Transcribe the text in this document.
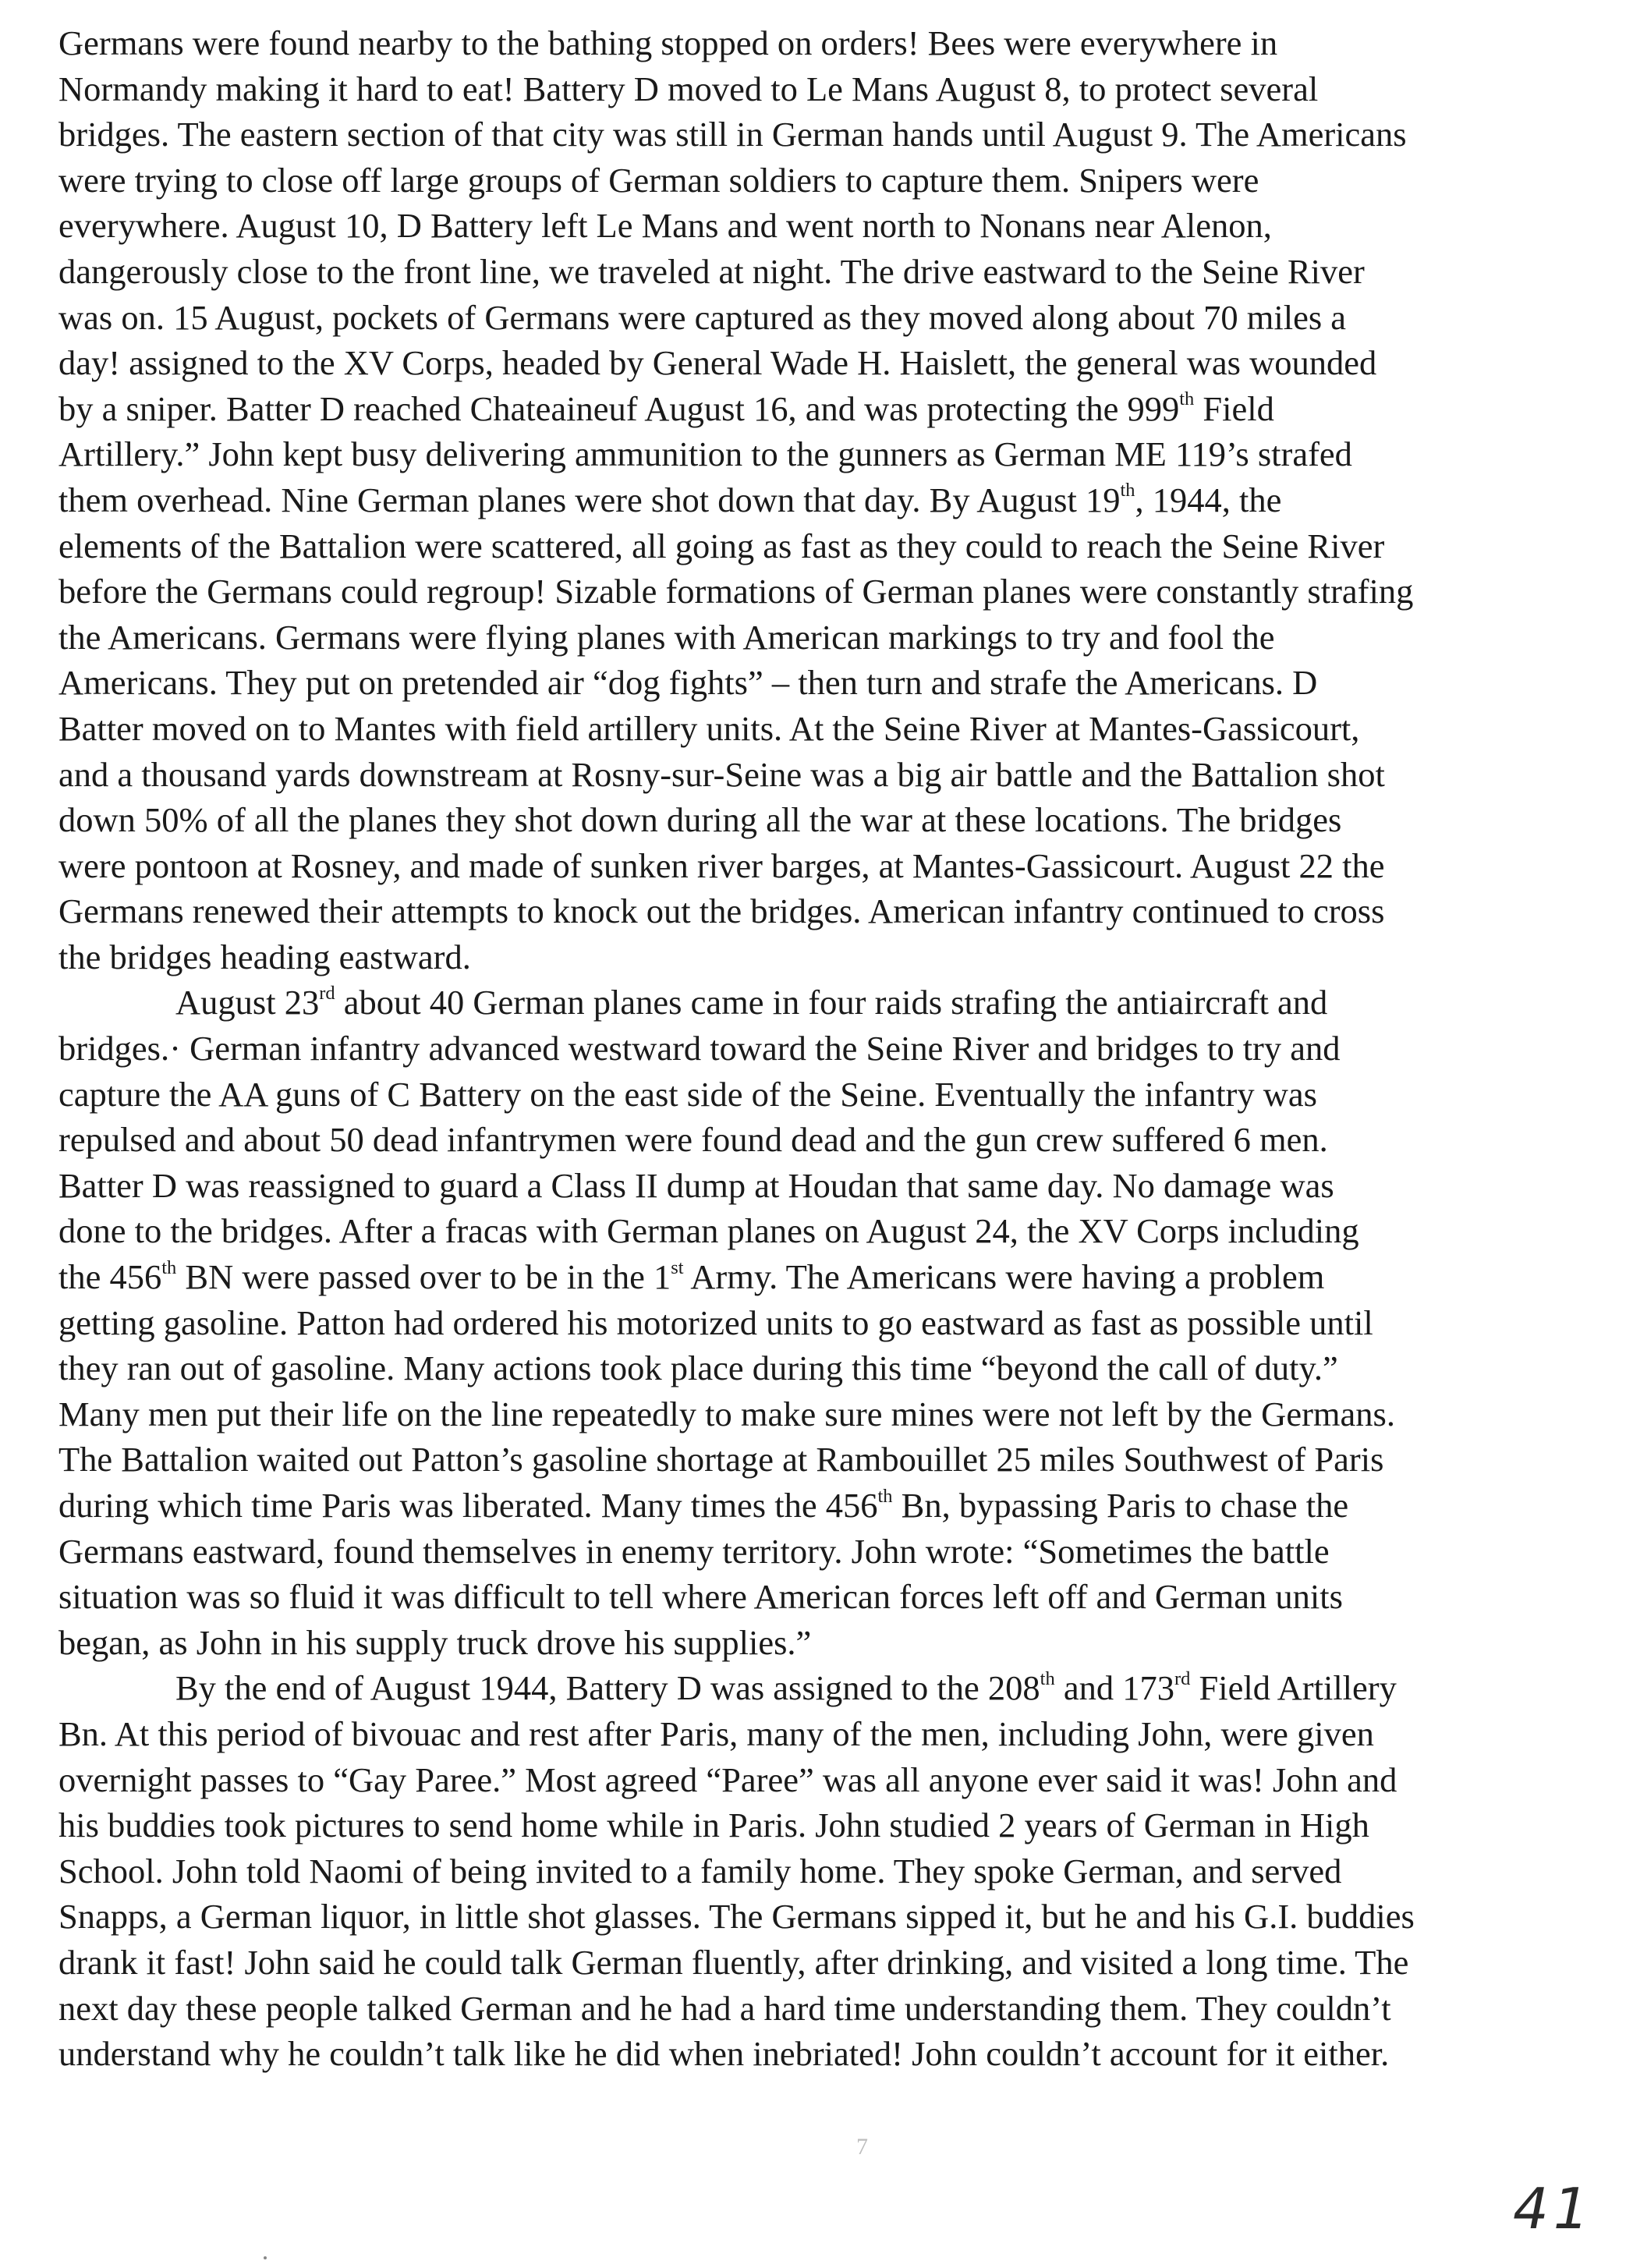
Germans were found nearby to the bathing stopped on orders! Bees were everywhere in
Normandy making it hard to eat! Battery D moved to Le Mans August 8, to protect several
bridges. The eastern section of that city was still in German hands until August 9. The Americans
were trying to close off large groups of German soldiers to capture them. Snipers were
everywhere. August 10, D Battery left Le Mans and went north to Nonans near Alenon,
dangerously close to the front line, we traveled at night. The drive eastward to the Seine River
was on. 15 August, pockets of Germans were captured as they moved along about 70 miles a
day! assigned to the XV Corps, headed by General Wade H. Haislett, the general was wounded
by a sniper. Batter D reached Chateaineuf August 16, and was protecting the 999th Field
Artillery.” John kept busy delivering ammunition to the gunners as German ME 119’s strafed
them overhead. Nine German planes were shot down that day. By August 19th, 1944, the
elements of the Battalion were scattered, all going as fast as they could to reach the Seine River
before the Germans could regroup! Sizable formations of German planes were constantly strafing
the Americans. Germans were flying planes with American markings to try and fool the
Americans. They put on pretended air “dog fights” – then turn and strafe the Americans. D
Batter moved on to Mantes with field artillery units. At the Seine River at Mantes-Gassicourt,
and a thousand yards downstream at Rosny-sur-Seine was a big air battle and the Battalion shot
down 50% of all the planes they shot down during all the war at these locations. The bridges
were pontoon at Rosney, and made of sunken river barges, at Mantes-Gassicourt. August 22 the
Germans renewed their attempts to knock out the bridges. American infantry continued to cross
the bridges heading eastward.
August 23rd about 40 German planes came in four raids strafing the antiaircraft and
bridges.· German infantry advanced westward toward the Seine River and bridges to try and
capture the AA guns of C Battery on the east side of the Seine. Eventually the infantry was
repulsed and about 50 dead infantrymen were found dead and the gun crew suffered 6 men.
Batter D was reassigned to guard a Class II dump at Houdan that same day. No damage was
done to the bridges. After a fracas with German planes on August 24, the XV Corps including
the 456th BN were passed over to be in the 1st Army. The Americans were having a problem
getting gasoline. Patton had ordered his motorized units to go eastward as fast as possible until
they ran out of gasoline. Many actions took place during this time “beyond the call of duty.”
Many men put their life on the line repeatedly to make sure mines were not left by the Germans.
The Battalion waited out Patton’s gasoline shortage at Rambouillet 25 miles Southwest of Paris
during which time Paris was liberated. Many times the 456th Bn, bypassing Paris to chase the
Germans eastward, found themselves in enemy territory. John wrote: “Sometimes the battle
situation was so fluid it was difficult to tell where American forces left off and German units
began, as John in his supply truck drove his supplies.”
By the end of August 1944, Battery D was assigned to the 208th and 173rd Field Artillery
Bn. At this period of bivouac and rest after Paris, many of the men, including John, were given
overnight passes to “Gay Paree.” Most agreed “Paree” was all anyone ever said it was! John and
his buddies took pictures to send home while in Paris. John studied 2 years of German in High
School. John told Naomi of being invited to a family home. They spoke German, and served
Snapps, a German liquor, in little shot glasses. The Germans sipped it, but he and his G.I. buddies
drank it fast! John said he could talk German fluently, after drinking, and visited a long time. The
next day these people talked German and he had a hard time understanding them. They couldn’t
understand why he couldn’t talk like he did when inebriated! John couldn’t account for it either.
7
41
